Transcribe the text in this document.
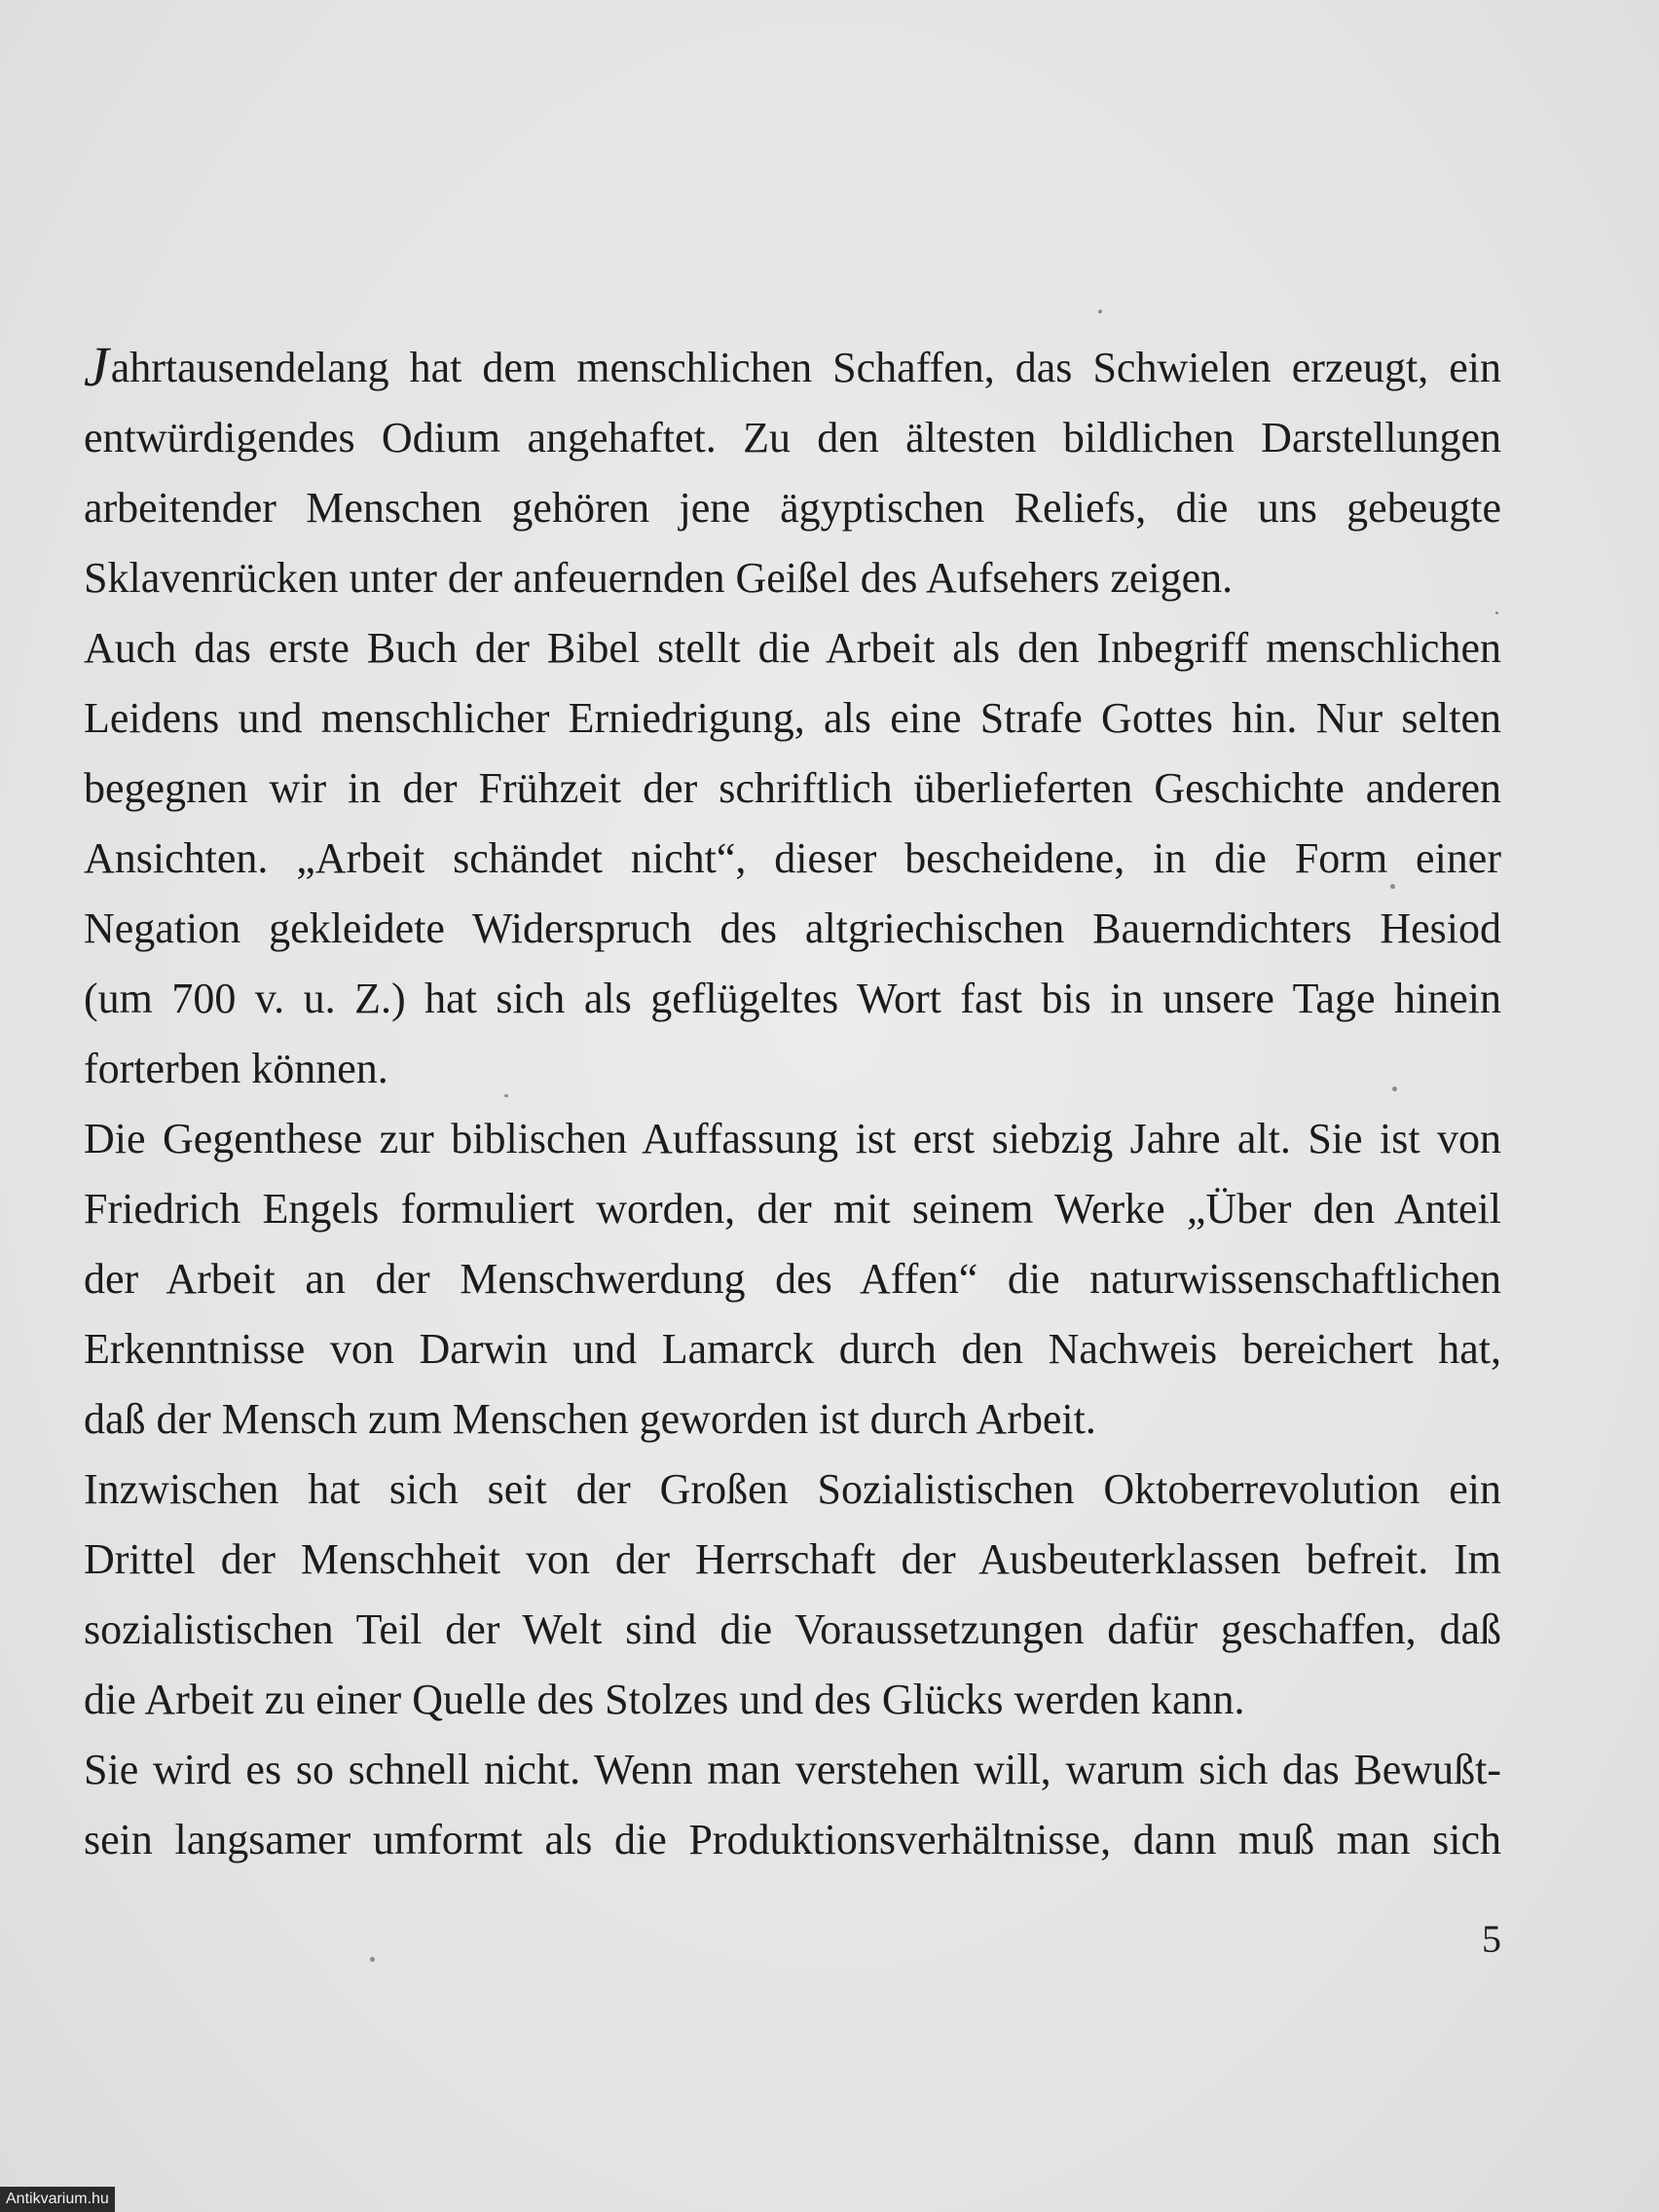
Jahrtausendelang hat dem menschlichen Schaffen, das Schwielen erzeugt, ein
entwürdigendes Odium angehaftet. Zu den ältesten bildlichen Darstellungen
arbeitender Menschen gehören jene ägyptischen Reliefs, die uns gebeugte
Sklavenrücken unter der anfeuernden Geißel des Aufsehers zeigen.
Auch das erste Buch der Bibel stellt die Arbeit als den Inbegriff menschlichen
Leidens und menschlicher Erniedrigung, als eine Strafe Gottes hin. Nur selten
begegnen wir in der Frühzeit der schriftlich überlieferten Geschichte anderen
Ansichten. „Arbeit schändet nicht“, dieser bescheidene, in die Form einer
Negation gekleidete Widerspruch des altgriechischen Bauerndichters Hesiod
(um 700 v. u. Z.) hat sich als geflügeltes Wort fast bis in unsere Tage hinein
forterben können.
Die Gegenthese zur biblischen Auffassung ist erst siebzig Jahre alt. Sie ist von
Friedrich Engels formuliert worden, der mit seinem Werke „Über den Anteil
der Arbeit an der Menschwerdung des Affen“ die naturwissenschaftlichen
Erkenntnisse von Darwin und Lamarck durch den Nachweis bereichert hat,
daß der Mensch zum Menschen geworden ist durch Arbeit.
Inzwischen hat sich seit der Großen Sozialistischen Oktoberrevolution ein
Drittel der Menschheit von der Herrschaft der Ausbeuterklassen befreit. Im
sozialistischen Teil der Welt sind die Voraussetzungen dafür geschaffen, daß
die Arbeit zu einer Quelle des Stolzes und des Glücks werden kann.
Sie wird es so schnell nicht. Wenn man verstehen will, warum sich das Bewußt-
sein langsamer umformt als die Produktionsverhältnisse, dann muß man sich
5
Antikvarium.hu
